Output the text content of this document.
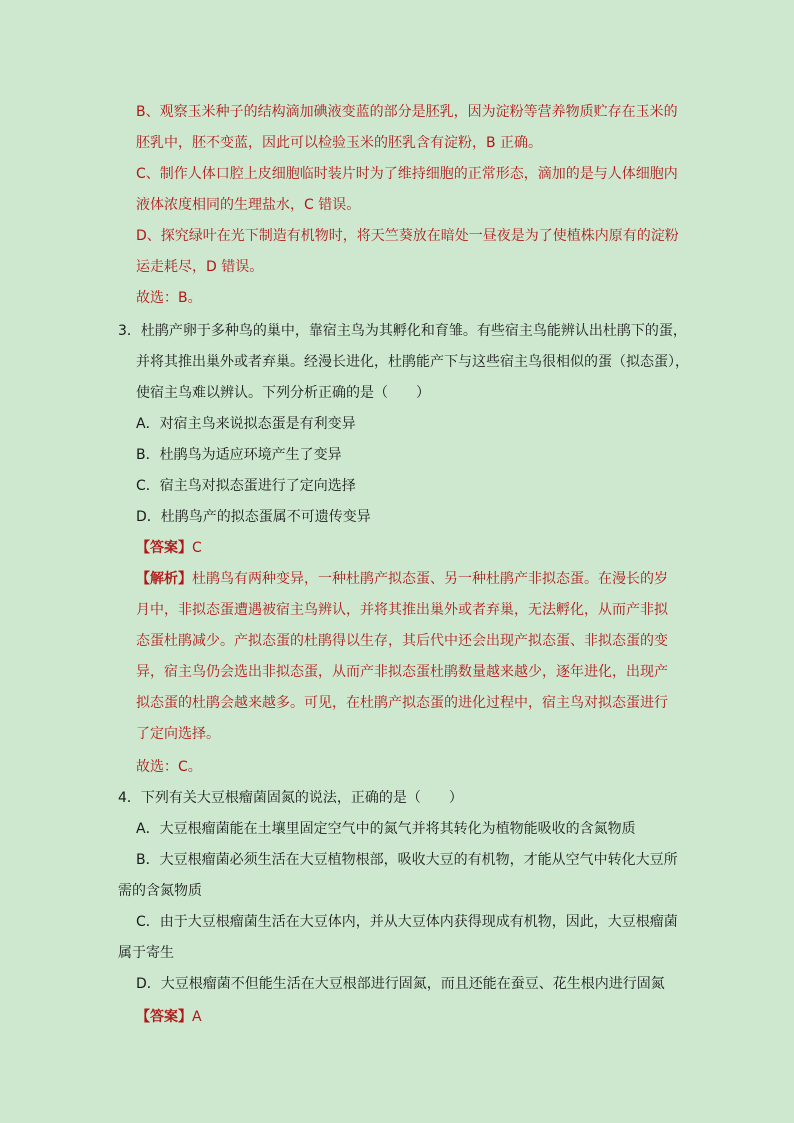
B、观察玉米种子的结构滴加碘液变蓝的部分是胚乳，因为淀粉等营养物质贮存在玉米的
胚乳中，胚不变蓝，因此可以检验玉米的胚乳含有淀粉，B 正确。
C、制作人体口腔上皮细胞临时装片时为了维持细胞的正常形态，滴加的是与人体细胞内
液体浓度相同的生理盐水，C 错误。
D、探究绿叶在光下制造有机物时，将天竺葵放在暗处一昼夜是为了使植株内原有的淀粉
运走耗尽，D 错误。
故选：B。
3．杜鹃产卵于多种鸟的巢中，靠宿主鸟为其孵化和育雏。有些宿主鸟能辨认出杜鹃下的蛋，
并将其推出巢外或者弃巢。经漫长进化，杜鹃能产下与这些宿主鸟很相似的蛋（拟态蛋），
使宿主鸟难以辨认。下列分析正确的是（　　）
A．对宿主鸟来说拟态蛋是有利变异
B．杜鹃鸟为适应环境产生了变异
C．宿主鸟对拟态蛋进行了定向选择
D．杜鹃鸟产的拟态蛋属不可遗传变异
【答案】C
【解析】杜鹃鸟有两种变异，一种杜鹃产拟态蛋、另一种杜鹃产非拟态蛋。在漫长的岁
月中，非拟态蛋遭遇被宿主鸟辨认，并将其推出巢外或者弃巢，无法孵化，从而产非拟
态蛋杜鹃减少。产拟态蛋的杜鹃得以生存，其后代中还会出现产拟态蛋、非拟态蛋的变
异，宿主鸟仍会选出非拟态蛋，从而产非拟态蛋杜鹃数量越来越少，逐年进化，出现产
拟态蛋的杜鹃会越来越多。可见，在杜鹃产拟态蛋的进化过程中，宿主鸟对拟态蛋进行
了定向选择。
故选：C。
4．下列有关大豆根瘤菌固氮的说法，正确的是（　　）
A．大豆根瘤菌能在土壤里固定空气中的氮气并将其转化为植物能吸收的含氮物质
B．大豆根瘤菌必须生活在大豆植物根部，吸收大豆的有机物，才能从空气中转化大豆所
需的含氮物质
C．由于大豆根瘤菌生活在大豆体内，并从大豆体内获得现成有机物，因此，大豆根瘤菌
属于寄生
D．大豆根瘤菌不但能生活在大豆根部进行固氮，而且还能在蚕豆、花生根内进行固氮
【答案】A
